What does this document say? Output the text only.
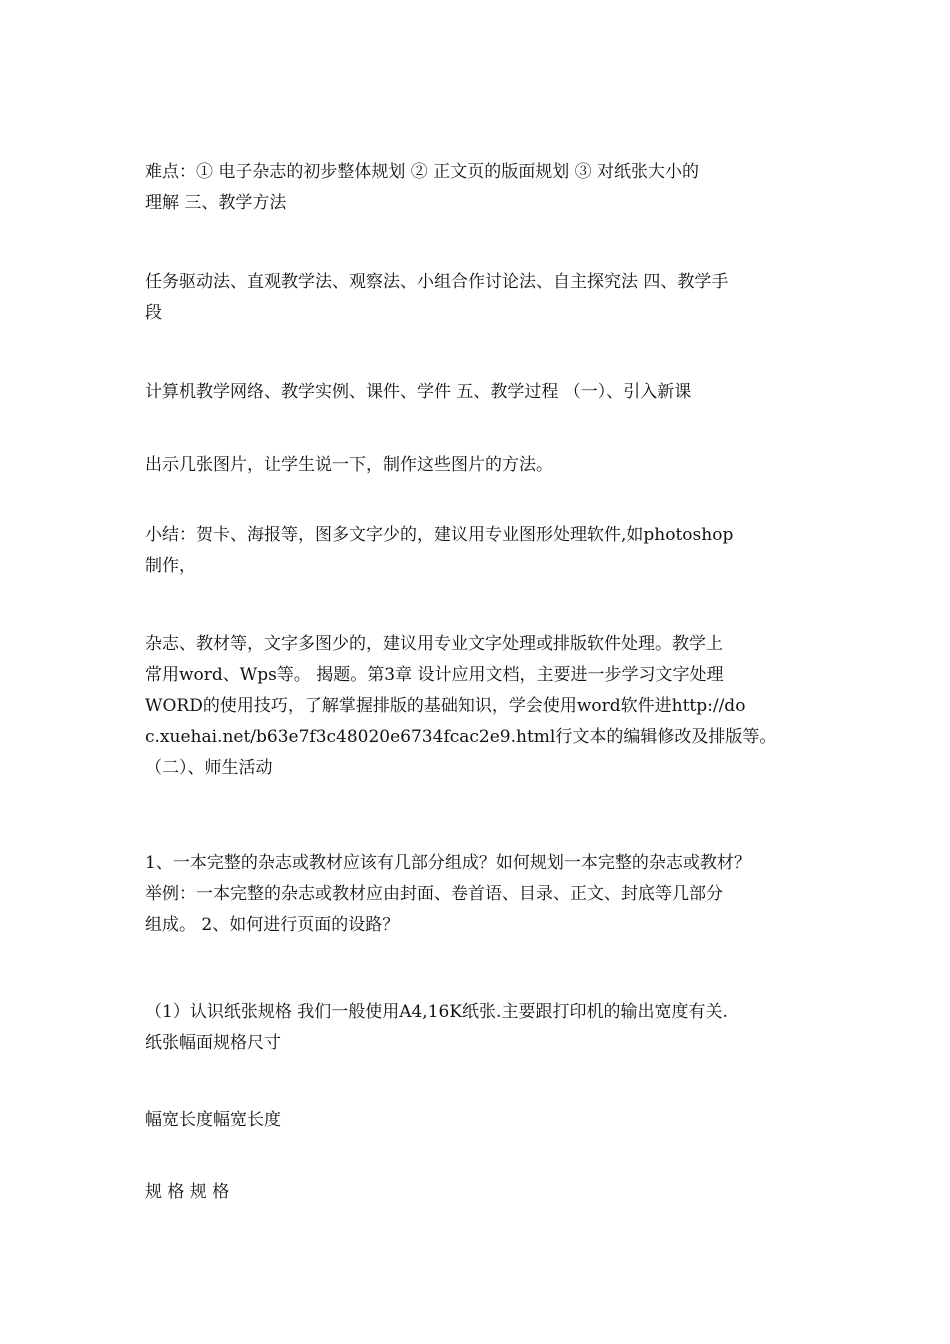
难点：① 电子杂志的初步整体规划 ② 正文页的版面规划 ③ 对纸张大小的
理解 三、教学方法
任务驱动法、直观教学法、观察法、小组合作讨论法、自主探究法 四、教学手
段
计算机教学网络、教学实例、课件、学件 五、教学过程 （一）、引入新课
出示几张图片，让学生说一下，制作这些图片的方法。
小结：贺卡、海报等，图多文字少的，建议用专业图形处理软件,如photoshop
制作，
杂志、教材等，文字多图少的，建议用专业文字处理或排版软件处理。教学上
常用word、Wps等。 揭题。第3章 设计应用文档，主要进一步学习文字处理
WORD的使用技巧，了解掌握排版的基础知识，学会使用word软件进http://do
c.xuehai.net/b63e7f3c48020e6734fcac2e9.html行文本的编辑修改及排版等。
（二）、师生活动
1、一本完整的杂志或教材应该有几部分组成？如何规划一本完整的杂志或教材？
举例：一本完整的杂志或教材应由封面、卷首语、目录、正文、封底等几部分
组成。 2、如何进行页面的设路？
（1）认识纸张规格 我们一般使用A4,16K纸张.主要跟打印机的输出宽度有关.
纸张幅面规格尺寸
幅宽长度幅宽长度
规 格 规 格
